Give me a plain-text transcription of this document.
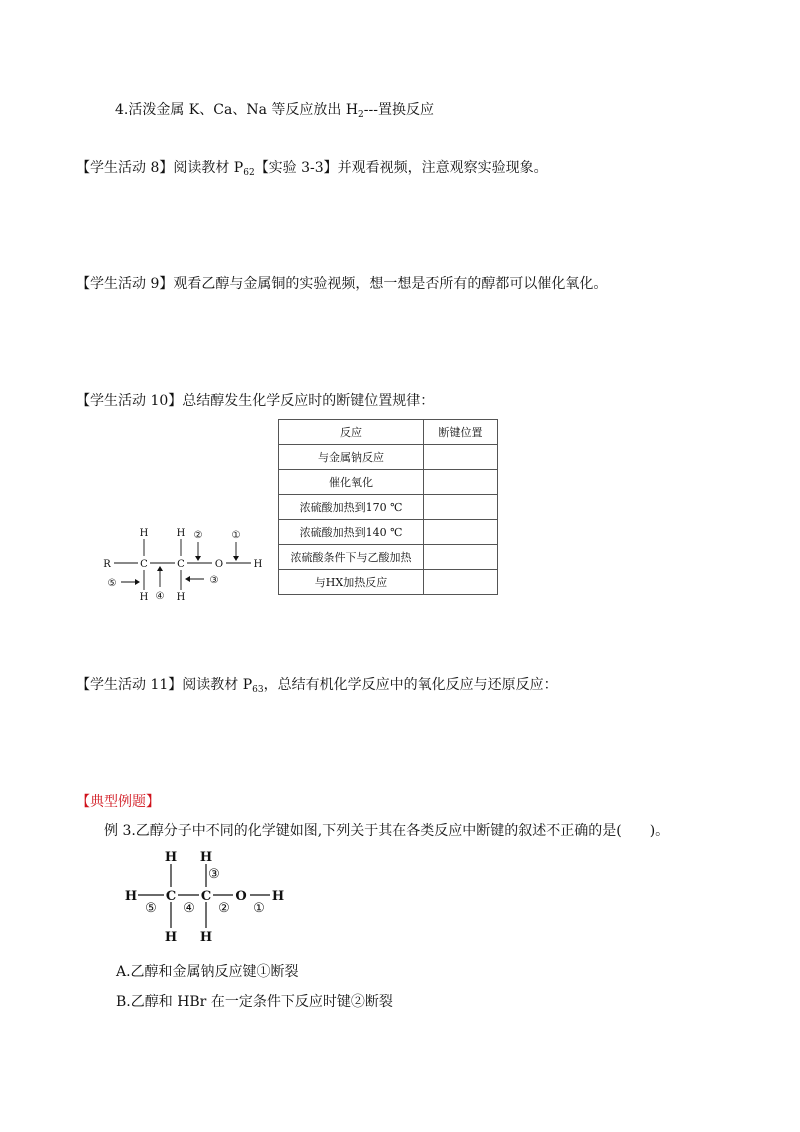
4.活泼金属 K、Ca、Na 等反应放出 $H_2---$置换反应
【学生活动 8】阅读教材 $P_{62}$【实验 3-3】并观看视频，注意观察实验现象。
【学生活动 9】观看乙醇与金属铜的实验视频，想一想是否所有的醇都可以催化氧化。
【学生活动 10】总结醇发生化学反应时的断键位置规律：
反应	断键位置
与金属钠反应	
催化氧化	
浓硫酸加热到170 ℃	
浓硫酸加热到140 ℃	
浓硫酸条件下与乙酸加热	
与HX加热反应	
R
H
C
H
H
C
H
O	H
②	①
③
⑤
④
【学生活动 11】阅读教材 $P_{63}$，总结有机化学反应中的氧化反应与还原反应：
【典型例题】
例 3.乙醇分子中不同的化学键如图,下列关于其在各类反应中断键的叙述不正确的是(　　)。
H
H
C
H
H
C
H
O H
⑤ ④ ② ①
③
A.乙醇和金属钠反应键①断裂
B.乙醇和 HBr 在一定条件下反应时键②断裂
